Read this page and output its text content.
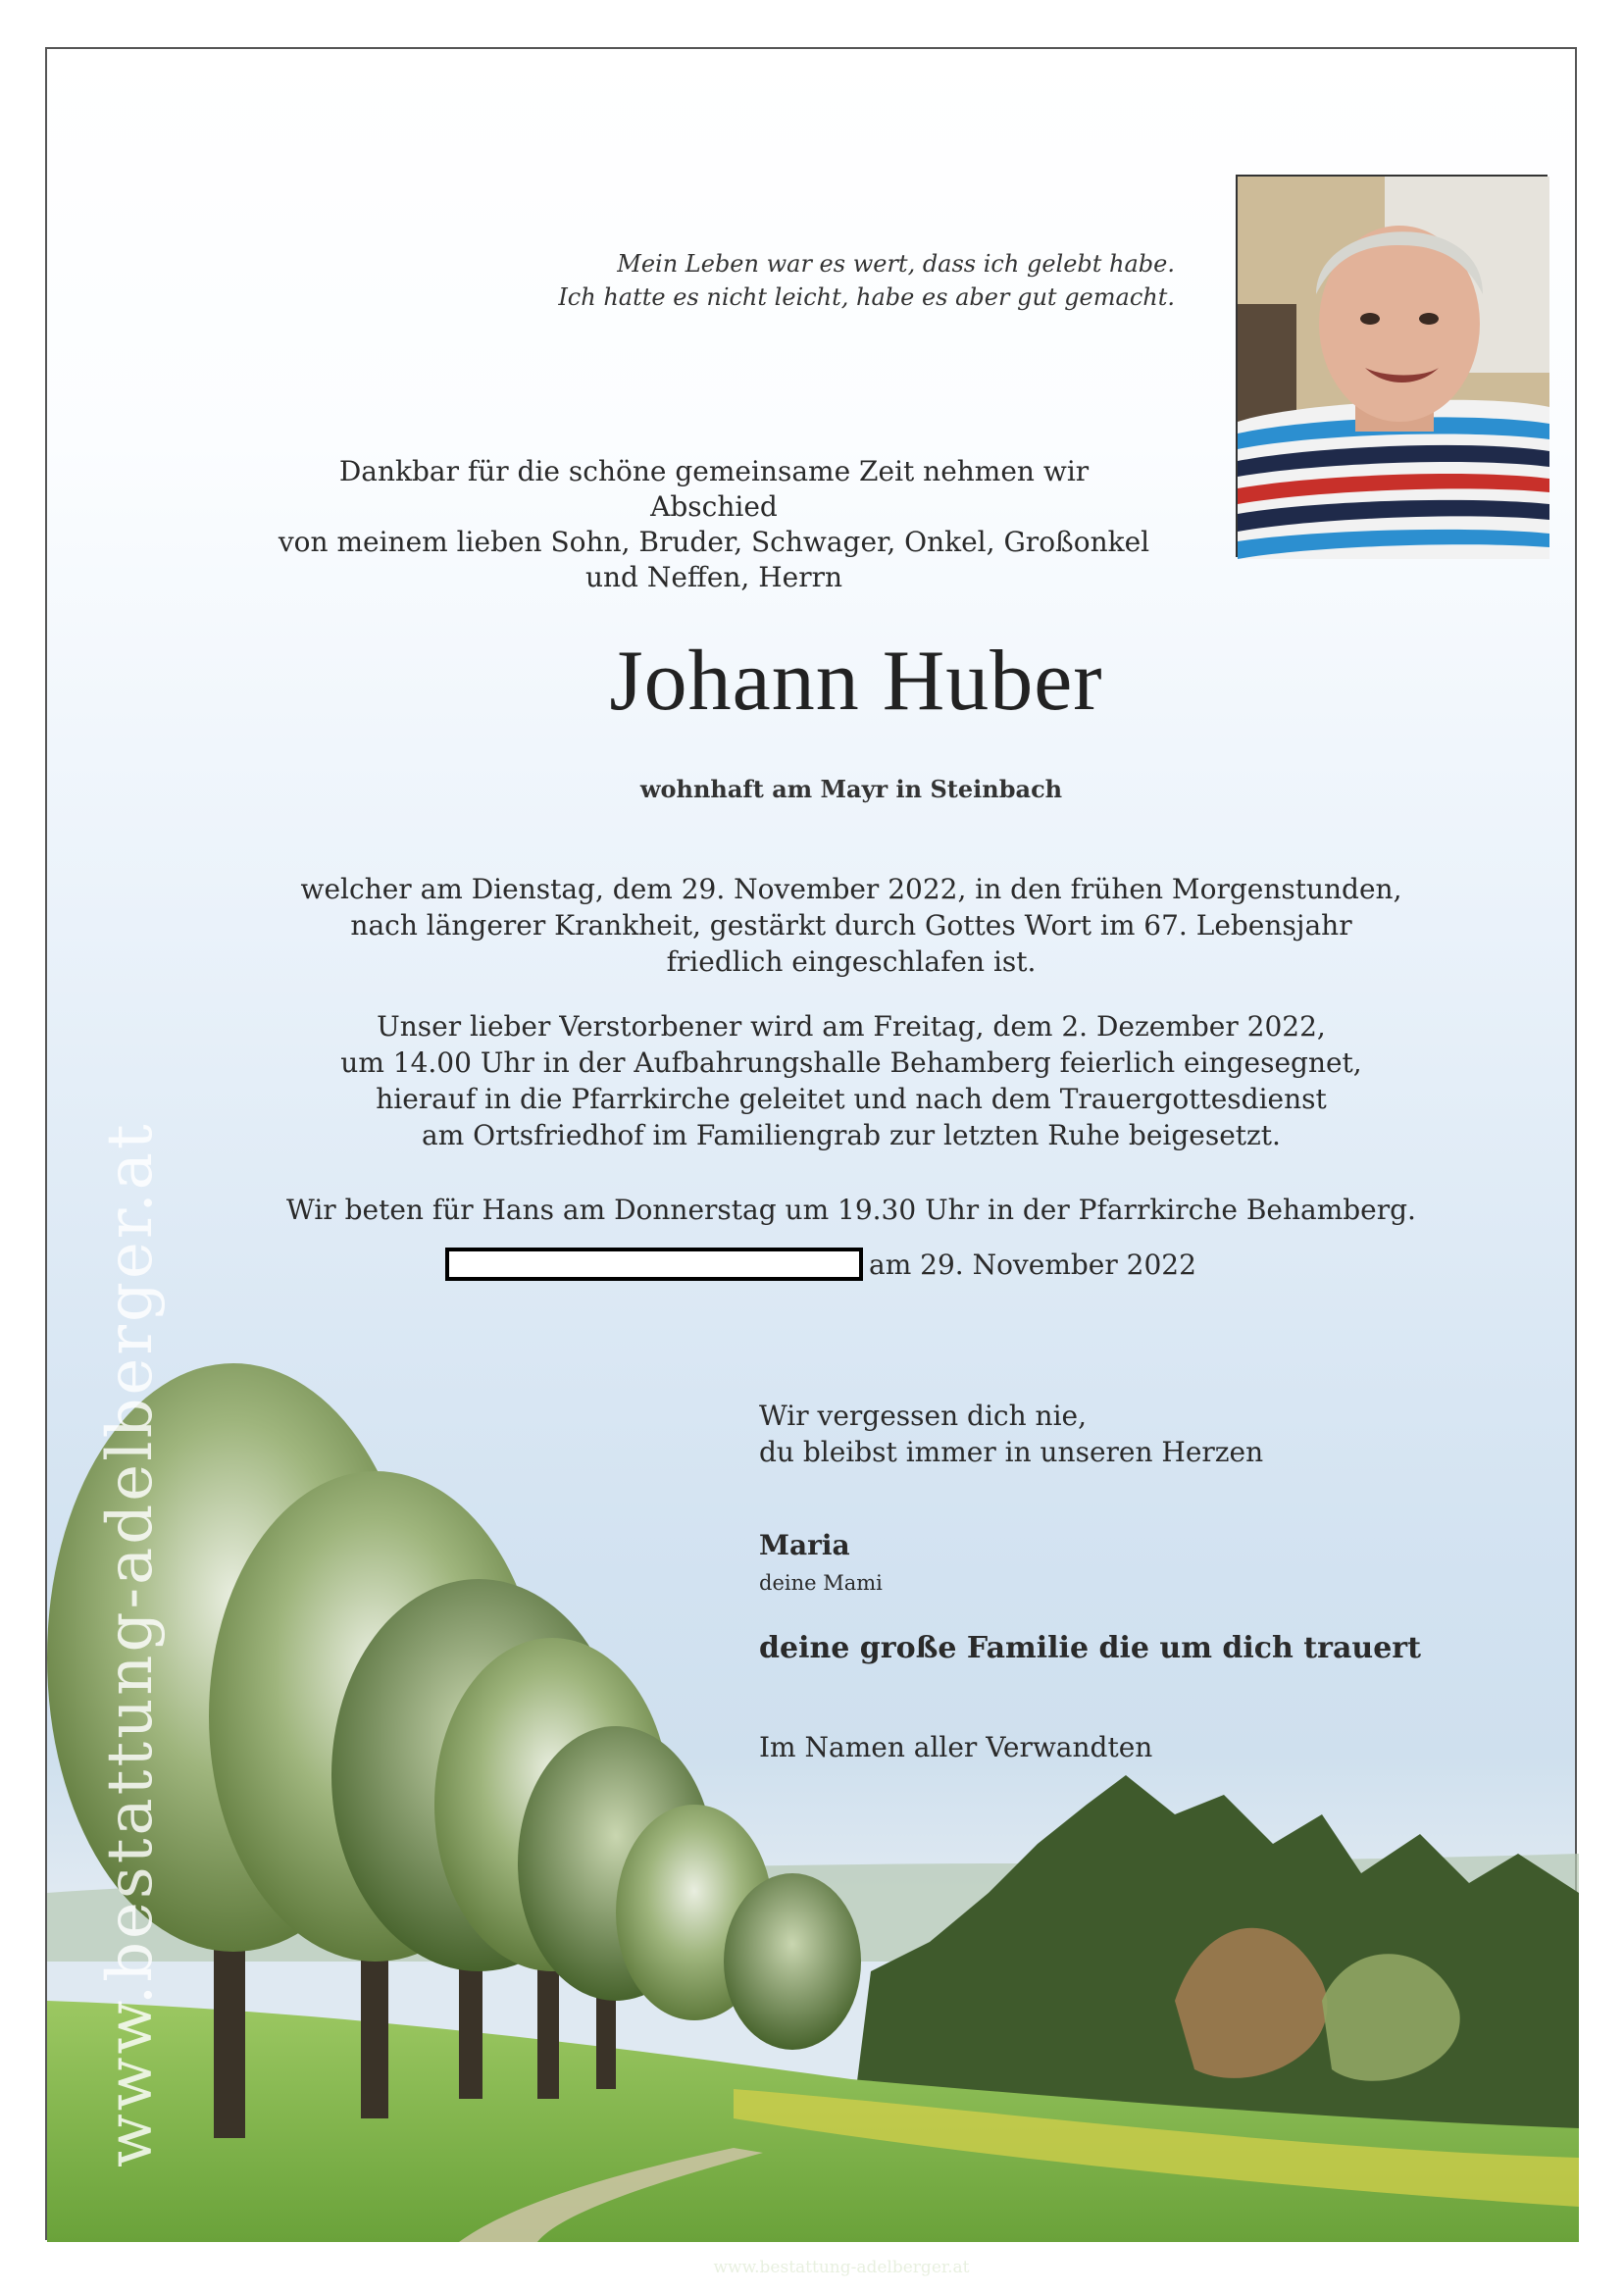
Mein Leben war es wert, dass ich gelebt habe.
Ich hatte es nicht leicht, habe es aber gut gemacht.
Dankbar für die schöne gemeinsame Zeit nehmen wir Abschied
von meinem lieben Sohn, Bruder, Schwager, Onkel, Großonkel
und Neffen, Herrn
Johann Huber
wohnhaft am Mayr in Steinbach
welcher am Dienstag, dem 29. November 2022, in den frühen Morgenstunden,
nach längerer Krankheit, gestärkt durch Gottes Wort im 67. Lebensjahr
friedlich eingeschlafen ist.
Unser lieber Verstorbener wird am Freitag, dem 2. Dezember 2022,
um 14.00 Uhr in der Aufbahrungshalle Behamberg feierlich eingesegnet,
hierauf in die Pfarrkirche geleitet und nach dem Trauergottesdienst
am Ortsfriedhof im Familiengrab zur letzten Ruhe beigesetzt.
Wir beten für Hans am Donnerstag um 19.30 Uhr in der Pfarrkirche Behamberg.
am 29. November 2022
Wir vergessen dich nie,
du bleibst immer in unseren Herzen
Maria
deine Mami
deine große Familie die um dich trauert
Im Namen aller Verwandten
www.bestattung-adelberger.at
www.bestattung-adelberger.at
